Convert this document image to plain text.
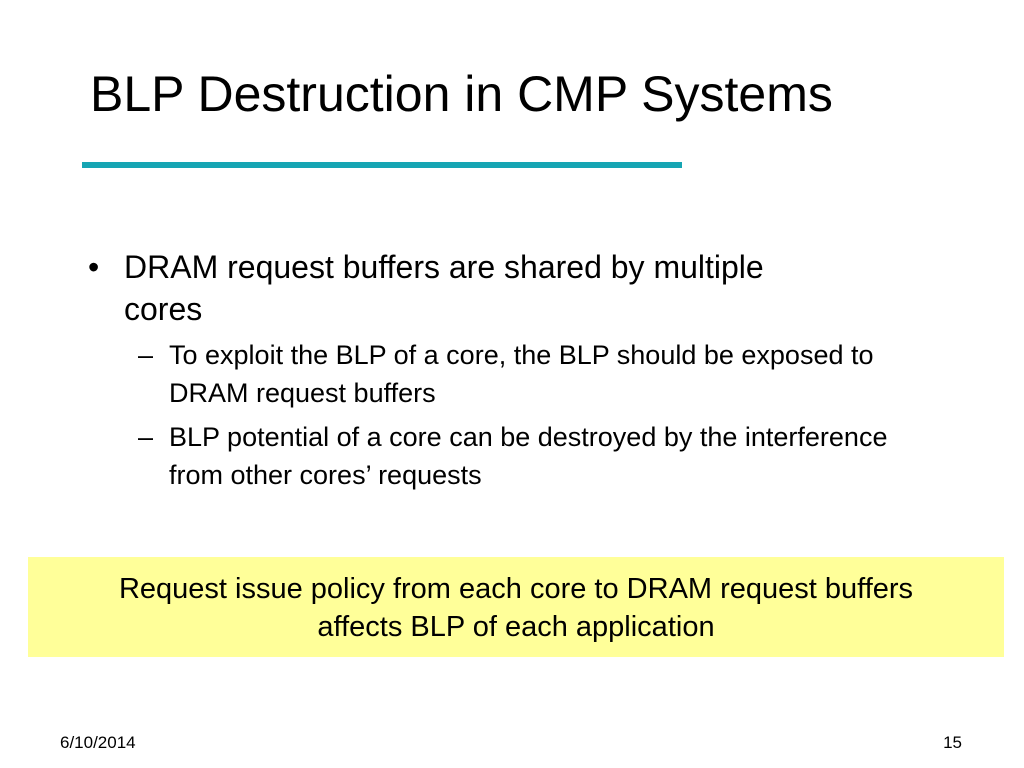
BLP Destruction in CMP Systems
• DRAM request buffers are shared by multiple cores
– To exploit the BLP of a core, the BLP should be exposed to DRAM request buffers
– BLP potential of a core can be destroyed by the interference from other cores’ requests
Request issue policy from each core to DRAM request buffers
affects BLP of each application
6/10/2014	15
